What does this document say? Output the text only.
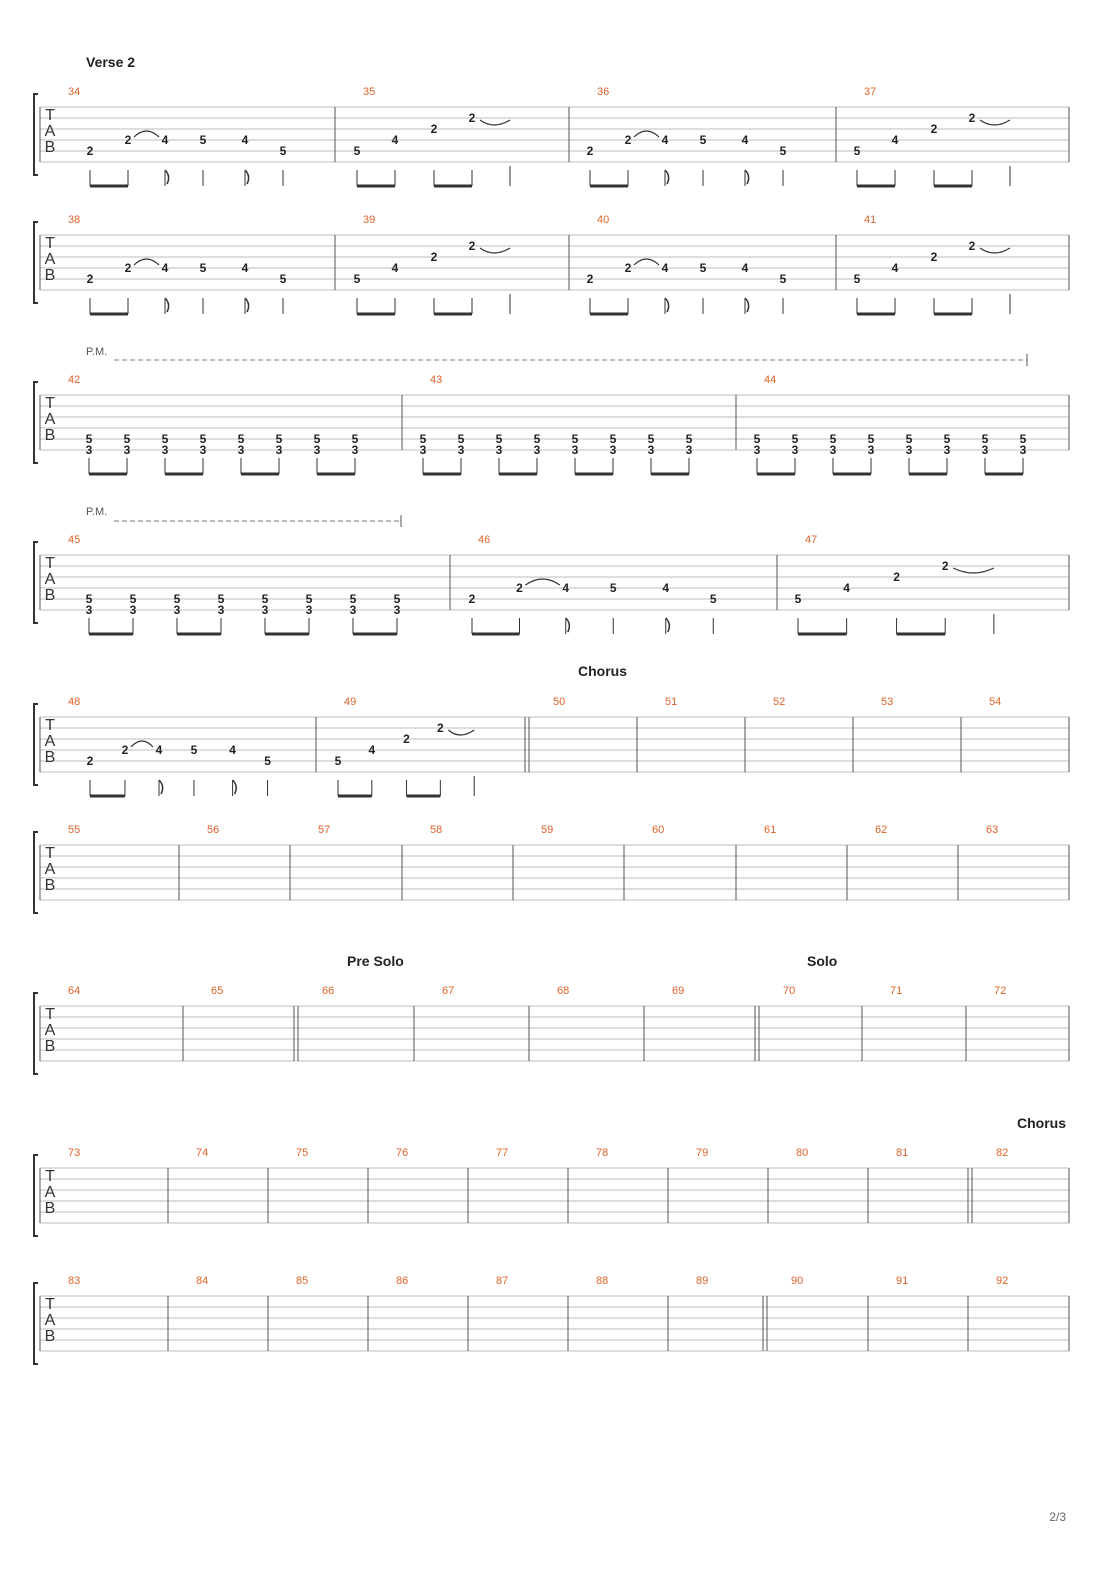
Verse 2
Chorus
Pre Solo	Solo
Chorus
P.M.
P.M.
T
A
B
34	35	36	37
T
A
B
38	39	40	41
T
A
B
42	43	44
T
A
B
45	46	47
T
A
B
48	49	50	51	52	53	54
T
A
B
55	56	57	58	59	60	61	62	63
T
A
B
64	65	66	67	68	69	70	71	72
T
A
B
73	74	75	76	77	78	79	80	81	82
T
A
B
83	84	85	86	87	88	89	90	91	92
2
2	4	5	4
5	5
4
2
2
2
2	4	5	4
5	5
4
2
2
2
2	4	5	4
5	5
4
2
2
2
2	4	5	4
5	5
4
2
2
5
3
5
3
5
3
5
3
5
3
5
3
5
3
5
3
5
3
5
3
5
3
5
3
5
3
5
3
5
3
5
3
5
3
5
3
5
3
5
3
5
3
5
3
5
3
5
3
5
3
5
3
5
3
5
3
5
3
5
3
5
3
5
3
2
2	4	5	4
5	5
4
2
2
2
2 4 5	4
5	5
4
2
2
2/3
